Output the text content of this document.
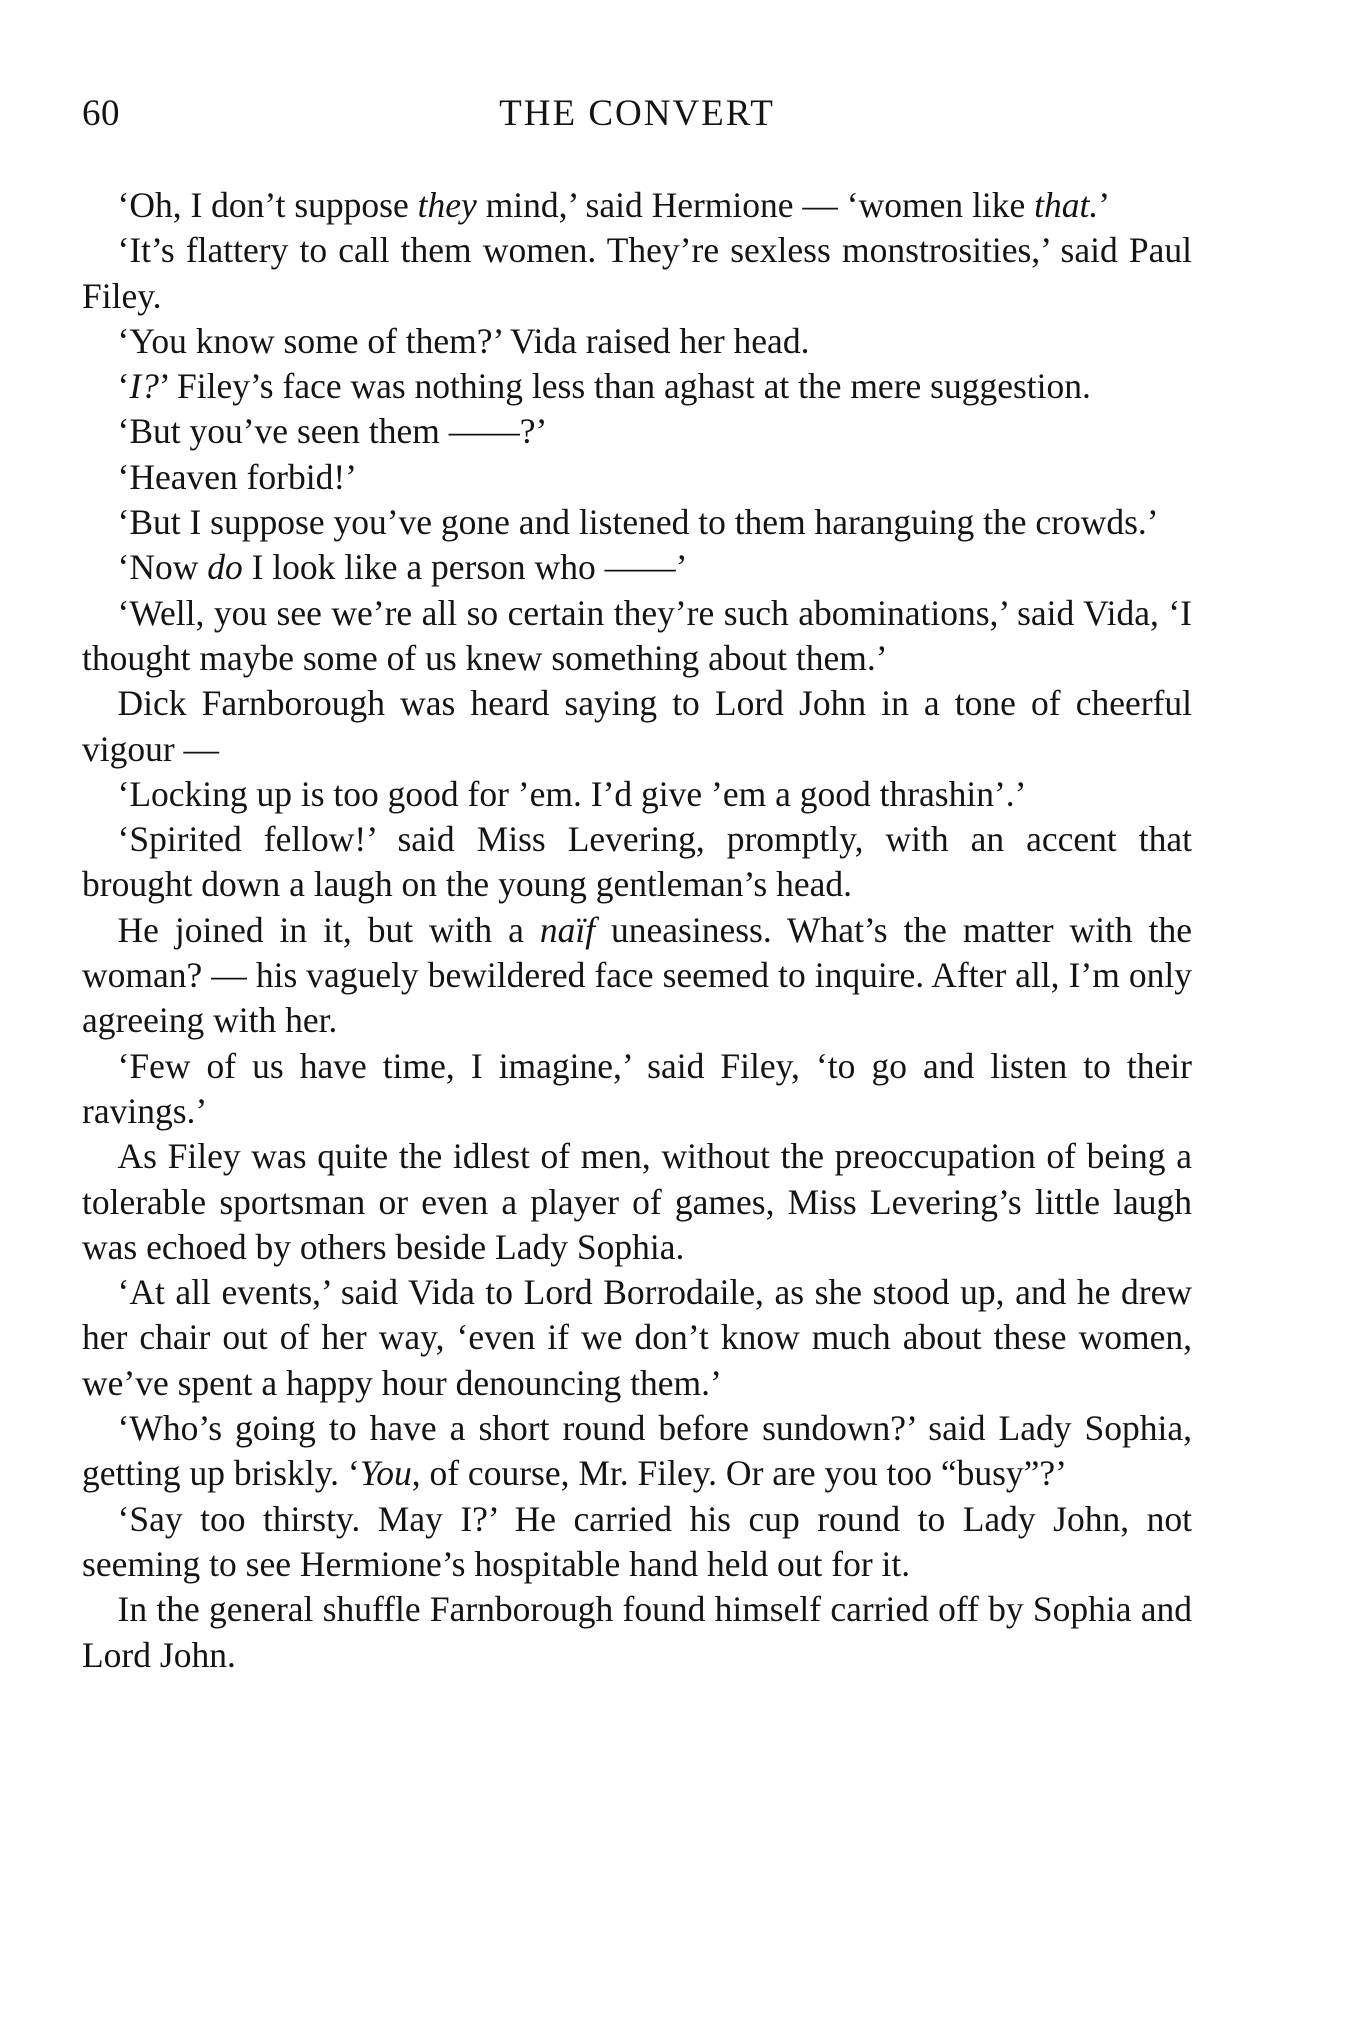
60	THE CONVERT

‘Oh, I don’t suppose they mind,’ said Hermione — ‘women like that.’

‘It’s flattery to call them women. They’re sexless monstrosities,’ said Paul Filey.

‘You know some of them?’ Vida raised her head.

‘I?’ Filey’s face was nothing less than aghast at the mere suggestion.

‘But you’ve seen them ——?’

‘Heaven forbid!’

‘But I suppose you’ve gone and listened to them haranguing the crowds.’

‘Now do I look like a person who ——’

‘Well, you see we’re all so certain they’re such abominations,’ said Vida, ‘I thought maybe some of us knew something about them.’

Dick Farnborough was heard saying to Lord John in a tone of cheerful vigour —

‘Locking up is too good for ’em. I’d give ’em a good thrashin’.’

‘Spirited fellow!’ said Miss Levering, promptly, with an accent that brought down a laugh on the young gentleman’s head.

He joined in it, but with a naïf uneasiness. What’s the matter with the woman? — his vaguely bewildered face seemed to inquire. After all, I’m only agreeing with her.

‘Few of us have time, I imagine,’ said Filey, ‘to go and listen to their ravings.’

As Filey was quite the idlest of men, without the preoccupation of being a tolerable sportsman or even a player of games, Miss Levering’s little laugh was echoed by others beside Lady Sophia.

‘At all events,’ said Vida to Lord Borrodaile, as she stood up, and he drew her chair out of her way, ‘even if we don’t know much about these women, we’ve spent a happy hour denouncing them.’

‘Who’s going to have a short round before sundown?’ said Lady Sophia, getting up briskly. ‘You, of course, Mr. Filey. Or are you too “busy”?’

‘Say too thirsty. May I?’ He carried his cup round to Lady John, not seeming to see Hermione’s hospitable hand held out for it.

In the general shuffle Farnborough found himself carried off by Sophia and Lord John.
